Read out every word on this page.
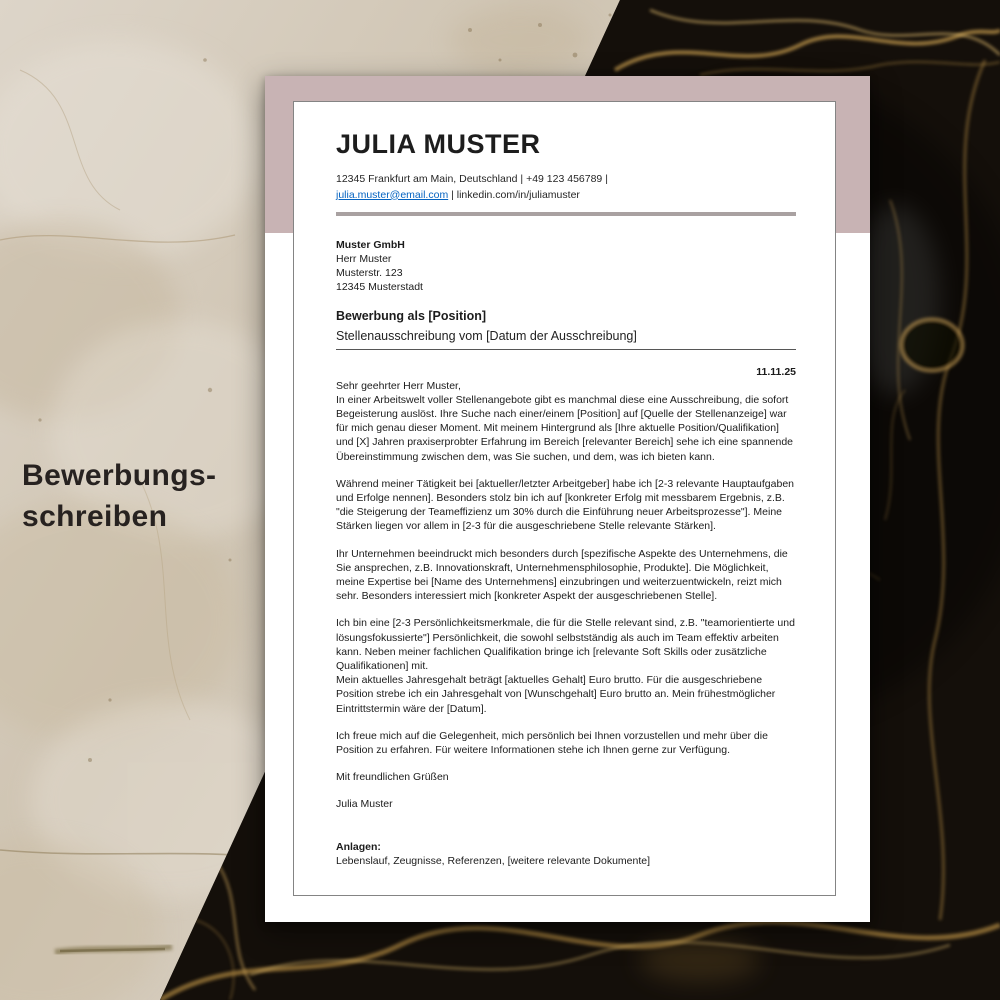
Bewerbungs-
schreiben
JULIA MUSTER
12345 Frankfurt am Main, Deutschland | +49 123 456789 |
julia.muster@email.com | linkedin.com/in/juliamuster
Muster GmbH
Herr Muster
Musterstr. 123
12345 Musterstadt
Bewerbung als [Position]
Stellenausschreibung vom [Datum der Ausschreibung]
11.11.25
Sehr geehrter Herr Muster,

In einer Arbeitswelt voller Stellenangebote gibt es manchmal diese eine Ausschreibung, die sofort Begeisterung auslöst. Ihre Suche nach einer/einem [Position] auf [Quelle der Stellenanzeige] war für mich genau dieser Moment. Mit meinem Hintergrund als [Ihre aktuelle Position/Qualifikation] und [X] Jahren praxiserprobter Erfahrung im Bereich [relevanter Bereich] sehe ich eine spannende Übereinstimmung zwischen dem, was Sie suchen, und dem, was ich bieten kann.

Während meiner Tätigkeit bei [aktueller/letzter Arbeitgeber] habe ich [2-3 relevante Hauptaufgaben und Erfolge nennen]. Besonders stolz bin ich auf [konkreter Erfolg mit messbarem Ergebnis, z.B. "die Steigerung der Teameffizienz um 30% durch die Einführung neuer Arbeitsprozesse"]. Meine Stärken liegen vor allem in [2-3 für die ausgeschriebene Stelle relevante Stärken].

Ihr Unternehmen beeindruckt mich besonders durch [spezifische Aspekte des Unternehmens, die Sie ansprechen, z.B. Innovationskraft, Unternehmensphilosophie, Produkte]. Die Möglichkeit, meine Expertise bei [Name des Unternehmens] einzubringen und weiterzuentwickeln, reizt mich sehr. Besonders interessiert mich [konkreter Aspekt der ausgeschriebenen Stelle].

Ich bin eine [2-3 Persönlichkeitsmerkmale, die für die Stelle relevant sind, z.B. "teamorientierte und lösungsfokussierte"] Persönlichkeit, die sowohl selbstständig als auch im Team effektiv arbeiten kann. Neben meiner fachlichen Qualifikation bringe ich [relevante Soft Skills oder zusätzliche Qualifikationen] mit.

Mein aktuelles Jahresgehalt beträgt [aktuelles Gehalt] Euro brutto. Für die ausgeschriebene Position strebe ich ein Jahresgehalt von [Wunschgehalt] Euro brutto an. Mein frühestmöglicher Eintrittstermin wäre der [Datum].

Ich freue mich auf die Gelegenheit, mich persönlich bei Ihnen vorzustellen und mehr über die Position zu erfahren. Für weitere Informationen stehe ich Ihnen gerne zur Verfügung.

Mit freundlichen Grüßen

Julia Muster

Anlagen:
Lebenslauf, Zeugnisse, Referenzen, [weitere relevante Dokumente]
